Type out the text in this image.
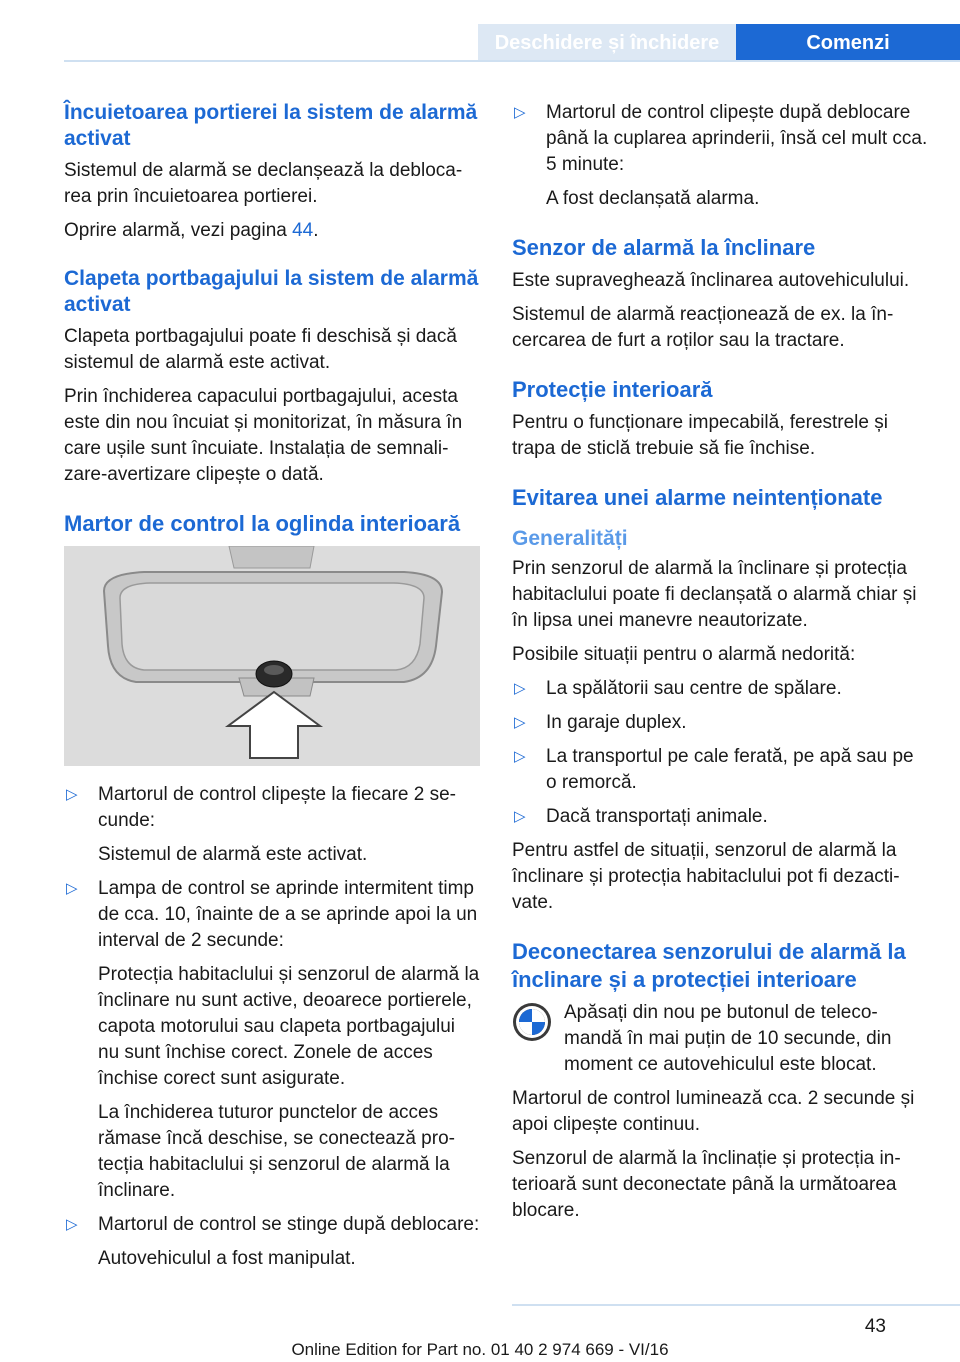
Deschidere și închidere	Comenzi
Încuietoarea portierei la sistem de alarmă activat
Sistemul de alarmă se declanșează la deblocarea prin încuietoarea portierei.
Oprire alarmă, vezi pagina 44.
Clapeta portbagajului la sistem de alarmă activat
Clapeta portbagajului poate fi deschisă și dacă sistemul de alarmă este activat.
Prin închiderea capacului portbagajului, acesta este din nou încuiat și monitorizat, în măsura în care ușile sunt încuiate. Instalația de semnalizare-avertizare clipește o dată.
Martor de control la oglinda interioară
▷ Martorul de control clipește la fiecare 2 secunde:
Sistemul de alarmă este activat.
▷ Lampa de control se aprinde intermitent timp de cca. 10, înainte de a se aprinde apoi la un interval de 2 secunde:
Protecția habitaclului și senzorul de alarmă la înclinare nu sunt active, deoarece portierele, capota motorului sau clapeta portbagajului nu sunt închise corect. Zonele de acces închise corect sunt asigurate.
La închiderea tuturor punctelor de acces rămase încă deschise, se conectează protecția habitaclului și senzorul de alarmă la înclinare.
▷ Martorul de control se stinge după deblocare:
Autovehiculul a fost manipulat.
▷ Martorul de control clipește după deblocare până la cuplarea aprinderii, însă cel mult cca. 5 minute:
A fost declanșată alarma.
Senzor de alarmă la înclinare
Este supraveghează înclinarea autovehiculului.
Sistemul de alarmă reacționează de ex. la încercarea de furt a roților sau la tractare.
Protecție interioară
Pentru o funcționare impecabilă, ferestrele și trapa de sticlă trebuie să fie închise.
Evitarea unei alarme neintenționate
Generalități
Prin senzorul de alarmă la înclinare și protecția habitaclului poate fi declanșată o alarmă chiar și în lipsa unei manevre neautorizate.
Posibile situații pentru o alarmă nedorită:
▷ La spălătorii sau centre de spălare.
▷ In garaje duplex.
▷ La transportul pe cale ferată, pe apă sau pe o remorcă.
▷ Dacă transportați animale.
Pentru astfel de situații, senzorul de alarmă la înclinare și protecția habitaclului pot fi dezactivate.
Deconectarea senzorului de alarmă la înclinare și a protecției interioare
Apăsați din nou pe butonul de telecomandă în mai puțin de 10 secunde, din moment ce autovehiculul este blocat.
Martorul de control luminează cca. 2 secunde și apoi clipește continuu.
Senzorul de alarmă la înclinație și protecția interioară sunt deconectate până la următoarea blocare.
43
Online Edition for Part no. 01 40 2 974 669 - VI/16
